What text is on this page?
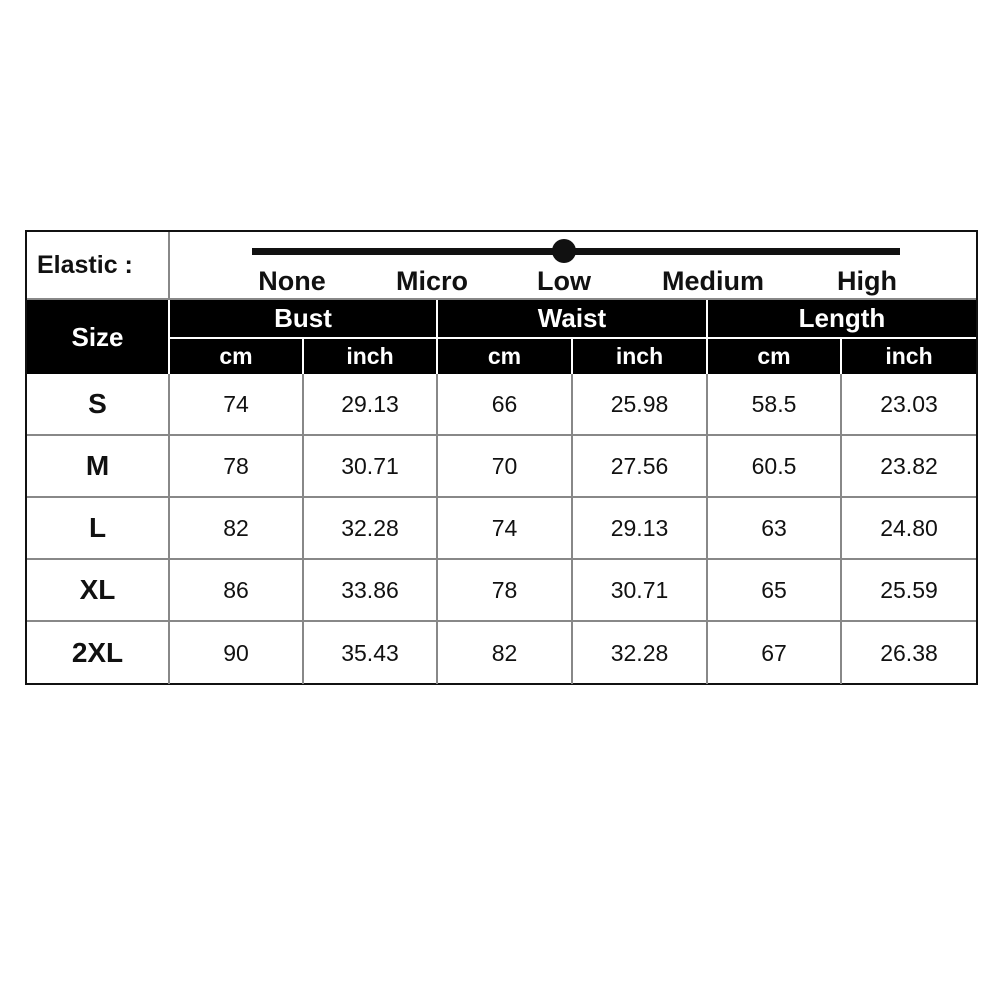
Elastic :
None	Micro	Low	Medium	High
Size
Bust
cm	inch
Waist
cm	inch
Length
cm	inch
S	74	29.13	66	25.98	58.5	23.03
M	78	30.71	70	27.56	60.5	23.82
L	82	32.28	74	29.13	63	24.80
XL	86	33.86	78	30.71	65	25.59
2XL	90	35.43	82	32.28	67	26.38
